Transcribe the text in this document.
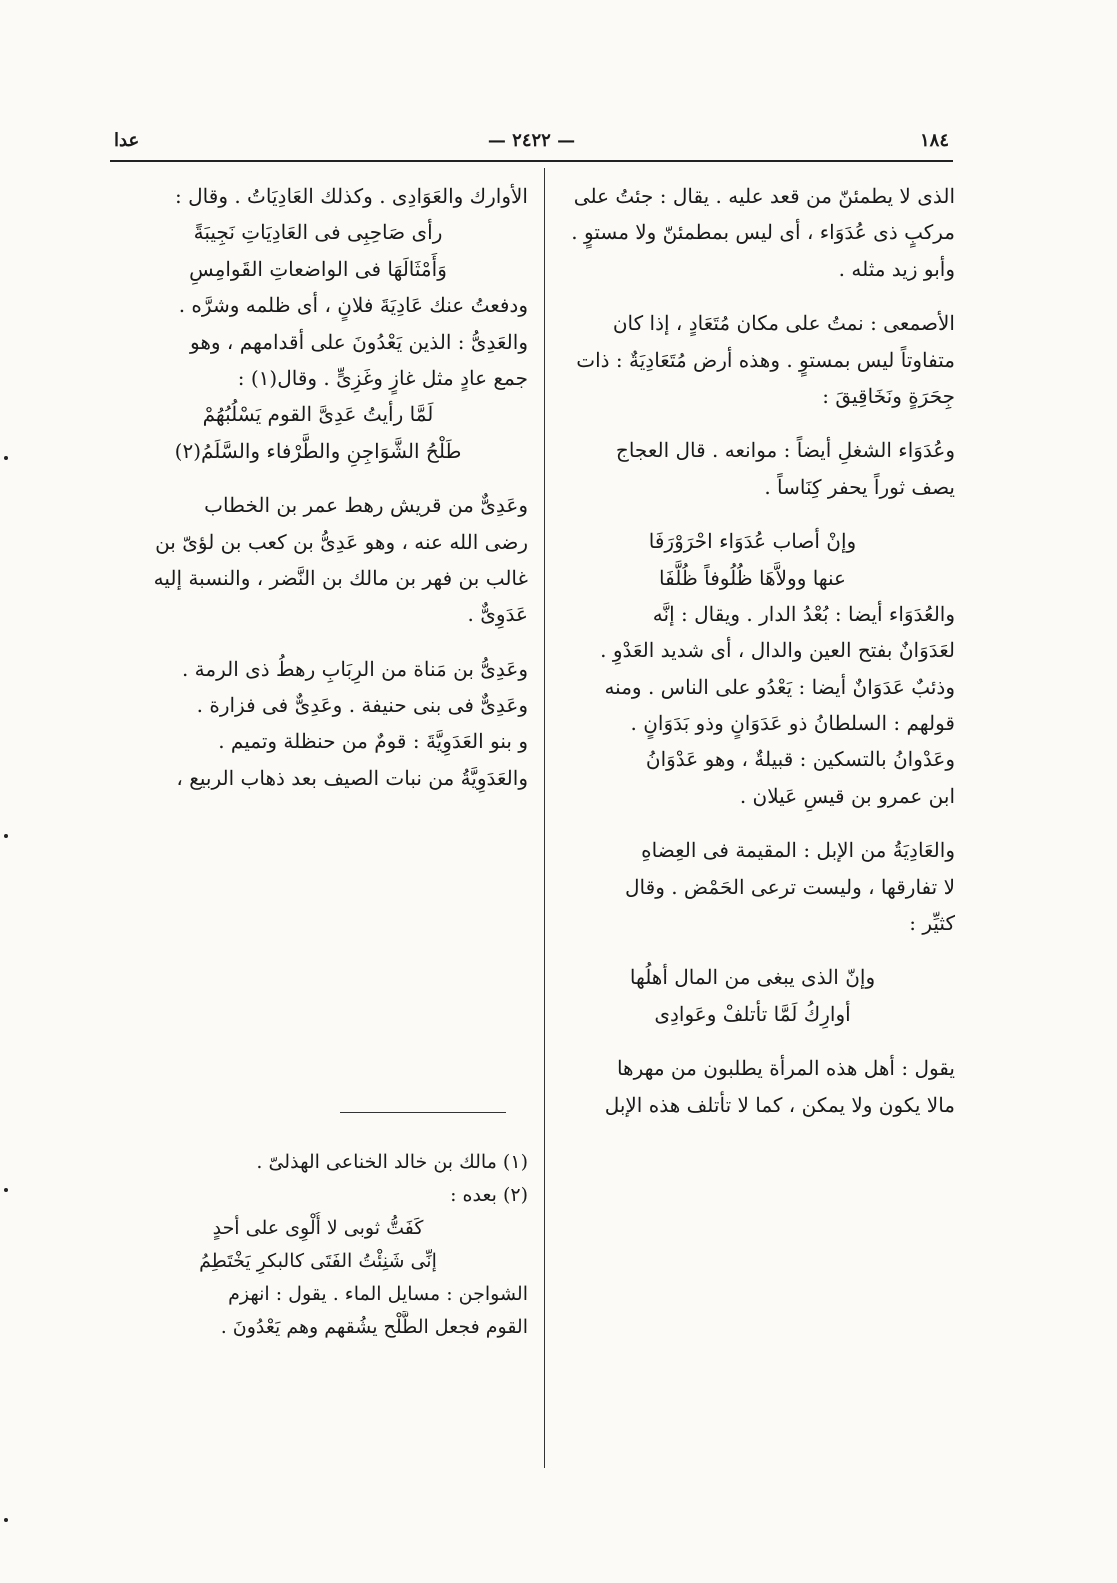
١٨٤
— ٢٤٢٢ —
عدا
الذى لا يطمئنّ من قعد عليه . يقال : جئتُ على
مركبٍ ذى عُدَوَاء ، أى ليس بمطمئنّ ولا مستوٍ .
وأبو زيد مثله .
الأصمعى : نمتُ على مكان مُتَعَادٍ ، إذا كان
متفاوتاً ليس بمستوٍ . وهذه أرض مُتَعَادِيَةٌ : ذات
جِحَرَةٍ ونَخَاقِيقَ :
وعُدَوَاء الشغلِ أيضاً : موانعه . قال العجاج
يصف ثوراً يحفر كِنَاساً .
وإنْ أصاب عُدَوَاء احْرَوْرَفَا
عنها وولاَّهَا ظُلُوفاً ظُلَّفَا
والعُدَوَاء أيضا : بُعْدُ الدار . ويقال : إنَّه
لعَدَوَانٌ بفتح العين والدال ، أى شديد العَدْوِ .
وذئبٌ عَدَوَانٌ أيضا : يَعْدُو على الناس . ومنه
قولهم : السلطانُ ذو عَدَوَانٍ وذو بَدَوَانٍ .
وعَدْوانُ بالتسكين : قبيلةٌ ، وهو عَدْوَانُ
ابن عمرو بن قيسِ عَيلان .
والعَادِيَةُ من الإبل : المقيمة فى العِضاهِ
لا تفارقها ، وليست ترعى الحَمْض . وقال
كثيِّر :
وإنّ الذى يبغى من المال أهلُها
أوارِكُ لَمَّا تأتلفْ وعَوادِى
يقول : أهل هذه المرأة يطلبون من مهرها
مالا يكون ولا يمكن ، كما لا تأتلف هذه الإبل
الأوارك والعَوَادِى . وكذلك العَادِيَاتُ . وقال :
رأى صَاحِبِى فى العَادِيَاتِ نَجِيبَةً
وَأَمْثَالَهَا فى الواضعاتِ القَوامِسِ
ودفعتُ عنك عَادِيَةَ فلانٍ ، أى ظلمه وشرَّه .
والعَدِىُّ : الذين يَعْدُونَ على أقدامهم ، وهو
جمع عادٍ مثل غازٍ وغَزِىٍّ . وقال(١) :
لَمَّا رأيتُ عَدِىَّ القوم يَسْلُبُهُمْ
طَلْحُ الشَّوَاجِنِ والطَّرْفاء والسَّلَمُ(٢)
وعَدِىٌّ من قريش رهط عمر بن الخطاب
رضى الله عنه ، وهو عَدِىُّ بن كعب بن لؤىّ بن
غالب بن فهر بن مالك بن النَّضر ، والنسبة إليه
عَدَوِىٌّ .
وعَدِىُّ بن مَناة من الرِبَابِ رهطُ ذى الرمة .
وعَدِىٌّ فى بنى حنيفة . وعَدِىٌّ فى فزارة .
و بنو العَدَوِيَّةَ : قومٌ من حنظلة وتميم .
والعَدَوِيَّةُ من نبات الصيف بعد ذهاب الربيع ،
(١) مالك بن خالد الخناعى الهذلىّ .
(٢) بعده :
كَفَتُّ ثوبى لا أُلْوِى على أحدٍ
إنِّى شَنِئْتُ الفَتَى كالبكرِ يَخْتَطِمُ
الشواجن : مسايل الماء . يقول : انهزم
القوم فجعل الطَّلْح يشُقهم وهم يَعْدُونَ .
